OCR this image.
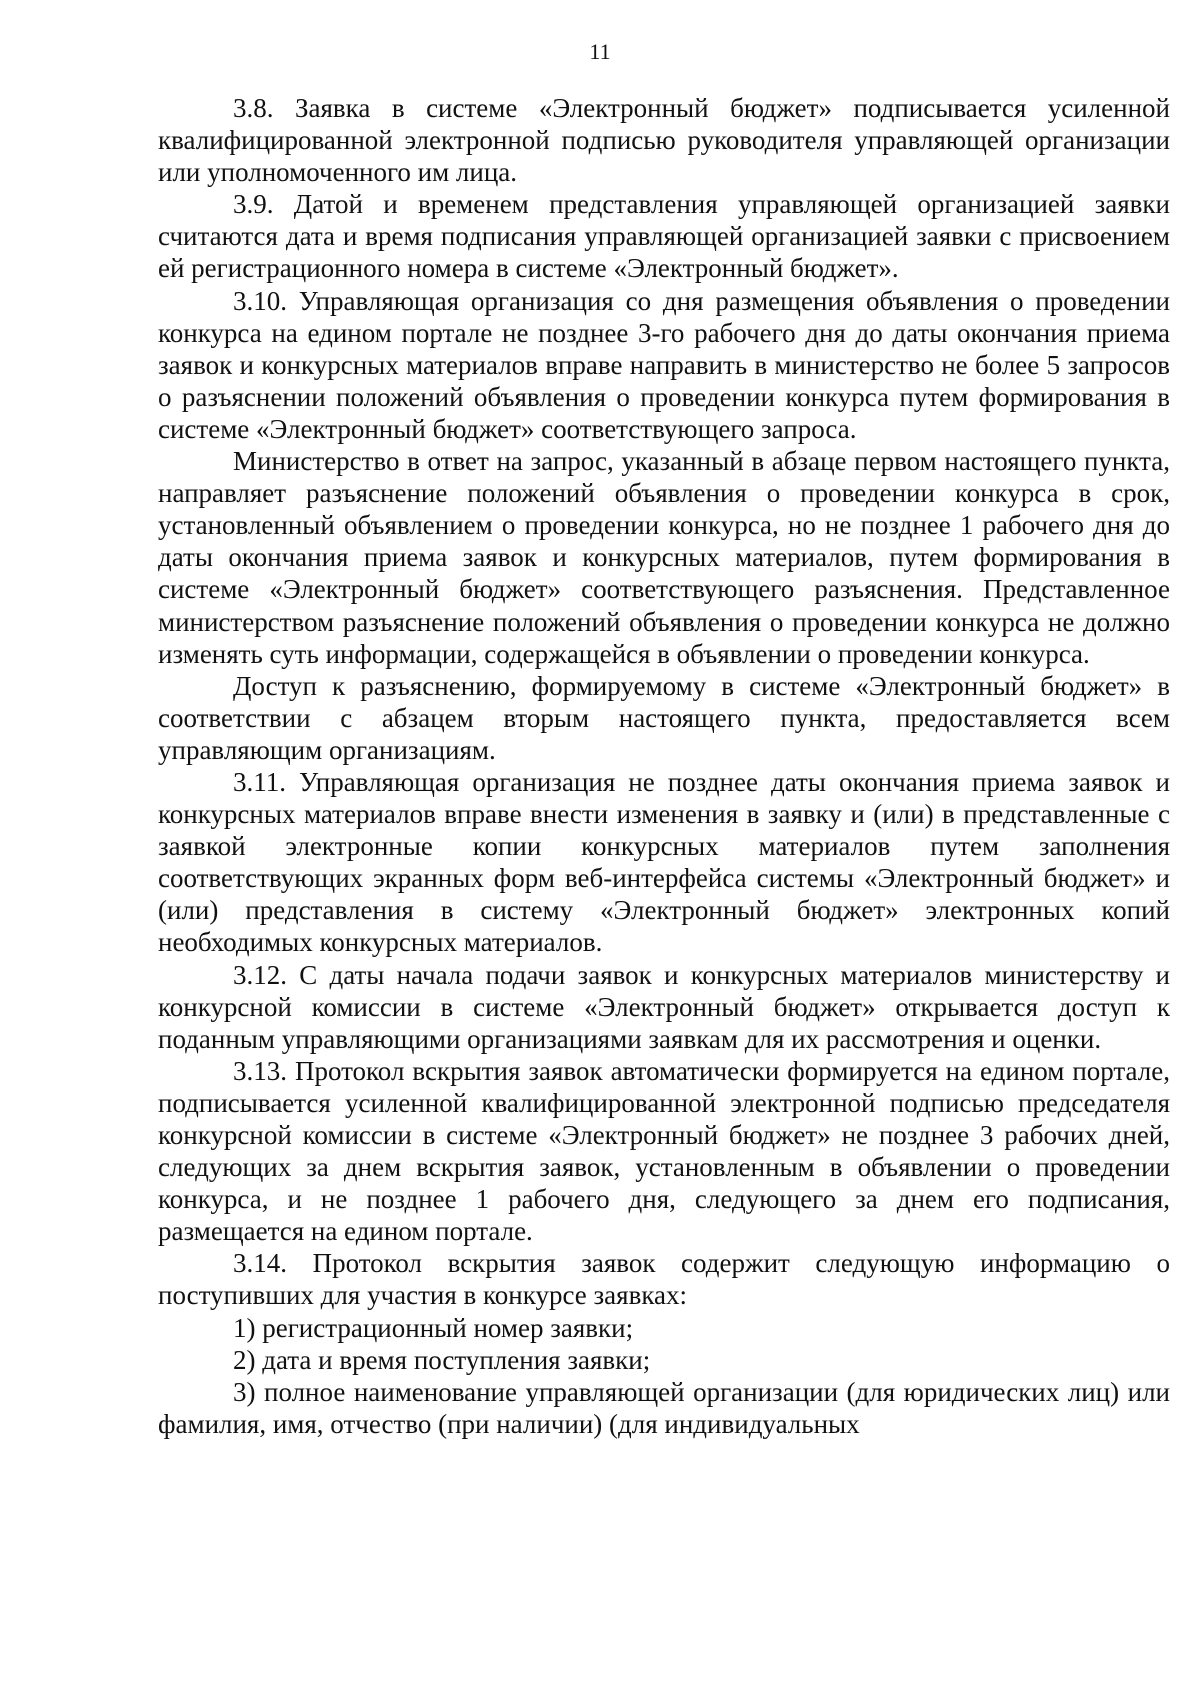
11

3.8. Заявка в системе «Электронный бюджет» подписывается усиленной квалифицированной электронной подписью руководителя управляющей организации или уполномоченного им лица.

3.9. Датой и временем представления управляющей организацией заявки считаются дата и время подписания управляющей организацией заявки с присвоением ей регистрационного номера в системе «Электронный бюджет».

3.10. Управляющая организация со дня размещения объявления о проведении конкурса на едином портале не позднее 3-го рабочего дня до даты окончания приема заявок и конкурсных материалов вправе направить в министерство не более 5 запросов о разъяснении положений объявления о проведении конкурса путем формирования в системе «Электронный бюджет» соответствующего запроса.

Министерство в ответ на запрос, указанный в абзаце первом настоящего пункта, направляет разъяснение положений объявления о проведении конкурса в срок, установленный объявлением о проведении конкурса, но не позднее 1 рабочего дня до даты окончания приема заявок и конкурсных материалов, путем формирования в системе «Электронный бюджет» соответствующего разъяснения. Представленное министерством разъяснение положений объявления о проведении конкурса не должно изменять суть информации, содержащейся в объявлении о проведении конкурса.

Доступ к разъяснению, формируемому в системе «Электронный бюджет» в соответствии с абзацем вторым настоящего пункта, предоставляется всем управляющим организациям.

3.11. Управляющая организация не позднее даты окончания приема заявок и конкурсных материалов вправе внести изменения в заявку и (или) в представленные с заявкой электронные копии конкурсных материалов путем заполнения соответствующих экранных форм веб-интерфейса системы «Электронный бюджет» и (или) представления в систему «Электронный бюджет» электронных копий необходимых конкурсных материалов.

3.12. С даты начала подачи заявок и конкурсных материалов министерству и конкурсной комиссии в системе «Электронный бюджет» открывается доступ к поданным управляющими организациями заявкам для их рассмотрения и оценки.

3.13. Протокол вскрытия заявок автоматически формируется на едином портале, подписывается усиленной квалифицированной электронной подписью председателя конкурсной комиссии в системе «Электронный бюджет» не позднее 3 рабочих дней, следующих за днем вскрытия заявок, установленным в объявлении о проведении конкурса, и не позднее 1 рабочего дня, следующего за днем его подписания, размещается на едином портале.

3.14. Протокол вскрытия заявок содержит следующую информацию о поступивших для участия в конкурсе заявках:

1) регистрационный номер заявки;

2) дата и время поступления заявки;

3) полное наименование управляющей организации (для юридических лиц) или фамилия, имя, отчество (при наличии) (для индивидуальных
